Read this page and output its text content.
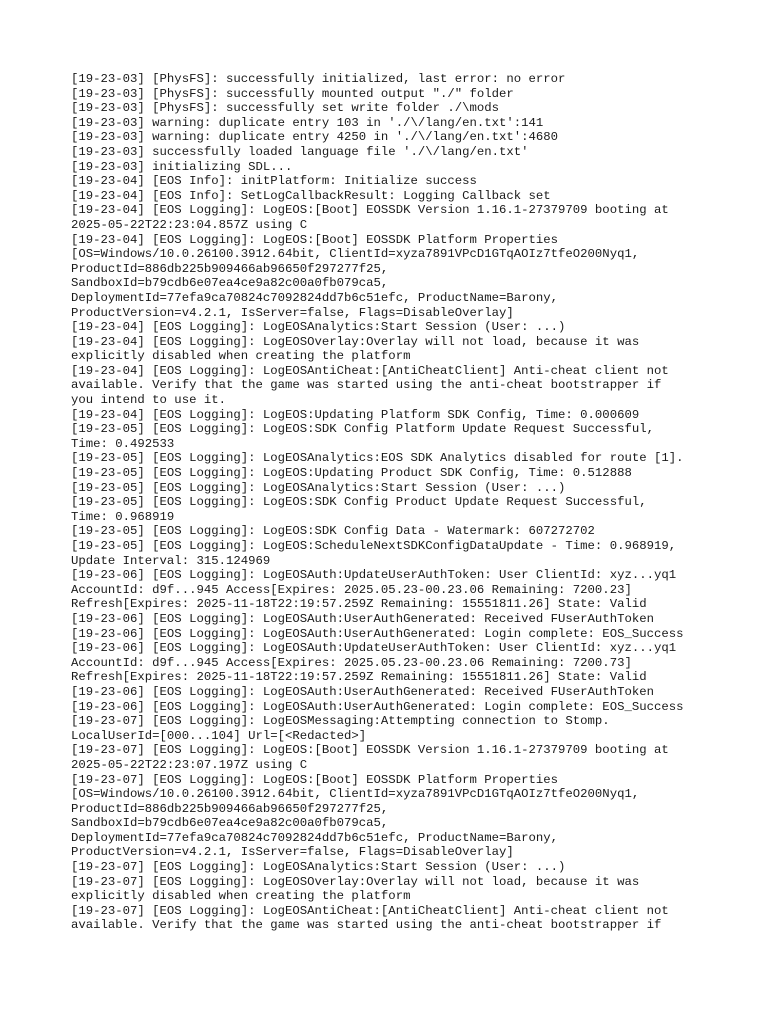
[19-23-03] [PhysFS]: successfully initialized, last error: no error
[19-23-03] [PhysFS]: successfully mounted output "./" folder
[19-23-03] [PhysFS]: successfully set write folder ./\mods
[19-23-03] warning: duplicate entry 103 in './\/lang/en.txt':141
[19-23-03] warning: duplicate entry 4250 in './\/lang/en.txt':4680
[19-23-03] successfully loaded language file './\/lang/en.txt'
[19-23-03] initializing SDL...
[19-23-04] [EOS Info]: initPlatform: Initialize success
[19-23-04] [EOS Info]: SetLogCallbackResult: Logging Callback set
[19-23-04] [EOS Logging]: LogEOS:[Boot] EOSSDK Version 1.16.1-27379709 booting at
2025-05-22T22:23:04.857Z using C
[19-23-04] [EOS Logging]: LogEOS:[Boot] EOSSDK Platform Properties
[OS=Windows/10.0.26100.3912.64bit, ClientId=xyza7891VPcD1GTqAOIz7tfeO200Nyq1,
ProductId=886db225b909466ab96650f297277f25,
SandboxId=b79cdb6e07ea4ce9a82c00a0fb079ca5,
DeploymentId=77efa9ca70824c7092824dd7b6c51efc, ProductName=Barony,
ProductVersion=v4.2.1, IsServer=false, Flags=DisableOverlay]
[19-23-04] [EOS Logging]: LogEOSAnalytics:Start Session (User: ...)
[19-23-04] [EOS Logging]: LogEOSOverlay:Overlay will not load, because it was
explicitly disabled when creating the platform
[19-23-04] [EOS Logging]: LogEOSAntiCheat:[AntiCheatClient] Anti-cheat client not
available. Verify that the game was started using the anti-cheat bootstrapper if
you intend to use it.
[19-23-04] [EOS Logging]: LogEOS:Updating Platform SDK Config, Time: 0.000609
[19-23-05] [EOS Logging]: LogEOS:SDK Config Platform Update Request Successful,
Time: 0.492533
[19-23-05] [EOS Logging]: LogEOSAnalytics:EOS SDK Analytics disabled for route [1].
[19-23-05] [EOS Logging]: LogEOS:Updating Product SDK Config, Time: 0.512888
[19-23-05] [EOS Logging]: LogEOSAnalytics:Start Session (User: ...)
[19-23-05] [EOS Logging]: LogEOS:SDK Config Product Update Request Successful,
Time: 0.968919
[19-23-05] [EOS Logging]: LogEOS:SDK Config Data - Watermark: 607272702
[19-23-05] [EOS Logging]: LogEOS:ScheduleNextSDKConfigDataUpdate - Time: 0.968919,
Update Interval: 315.124969
[19-23-06] [EOS Logging]: LogEOSAuth:UpdateUserAuthToken: User ClientId: xyz...yq1
AccountId: d9f...945 Access[Expires: 2025.05.23-00.23.06 Remaining: 7200.23]
Refresh[Expires: 2025-11-18T22:19:57.259Z Remaining: 15551811.26] State: Valid
[19-23-06] [EOS Logging]: LogEOSAuth:UserAuthGenerated: Received FUserAuthToken
[19-23-06] [EOS Logging]: LogEOSAuth:UserAuthGenerated: Login complete: EOS_Success
[19-23-06] [EOS Logging]: LogEOSAuth:UpdateUserAuthToken: User ClientId: xyz...yq1
AccountId: d9f...945 Access[Expires: 2025.05.23-00.23.06 Remaining: 7200.73]
Refresh[Expires: 2025-11-18T22:19:57.259Z Remaining: 15551811.26] State: Valid
[19-23-06] [EOS Logging]: LogEOSAuth:UserAuthGenerated: Received FUserAuthToken
[19-23-06] [EOS Logging]: LogEOSAuth:UserAuthGenerated: Login complete: EOS_Success
[19-23-07] [EOS Logging]: LogEOSMessaging:Attempting connection to Stomp.
LocalUserId=[000...104] Url=[<Redacted>]
[19-23-07] [EOS Logging]: LogEOS:[Boot] EOSSDK Version 1.16.1-27379709 booting at
2025-05-22T22:23:07.197Z using C
[19-23-07] [EOS Logging]: LogEOS:[Boot] EOSSDK Platform Properties
[OS=Windows/10.0.26100.3912.64bit, ClientId=xyza7891VPcD1GTqAOIz7tfeO200Nyq1,
ProductId=886db225b909466ab96650f297277f25,
SandboxId=b79cdb6e07ea4ce9a82c00a0fb079ca5,
DeploymentId=77efa9ca70824c7092824dd7b6c51efc, ProductName=Barony,
ProductVersion=v4.2.1, IsServer=false, Flags=DisableOverlay]
[19-23-07] [EOS Logging]: LogEOSAnalytics:Start Session (User: ...)
[19-23-07] [EOS Logging]: LogEOSOverlay:Overlay will not load, because it was
explicitly disabled when creating the platform
[19-23-07] [EOS Logging]: LogEOSAntiCheat:[AntiCheatClient] Anti-cheat client not
available. Verify that the game was started using the anti-cheat bootstrapper if
